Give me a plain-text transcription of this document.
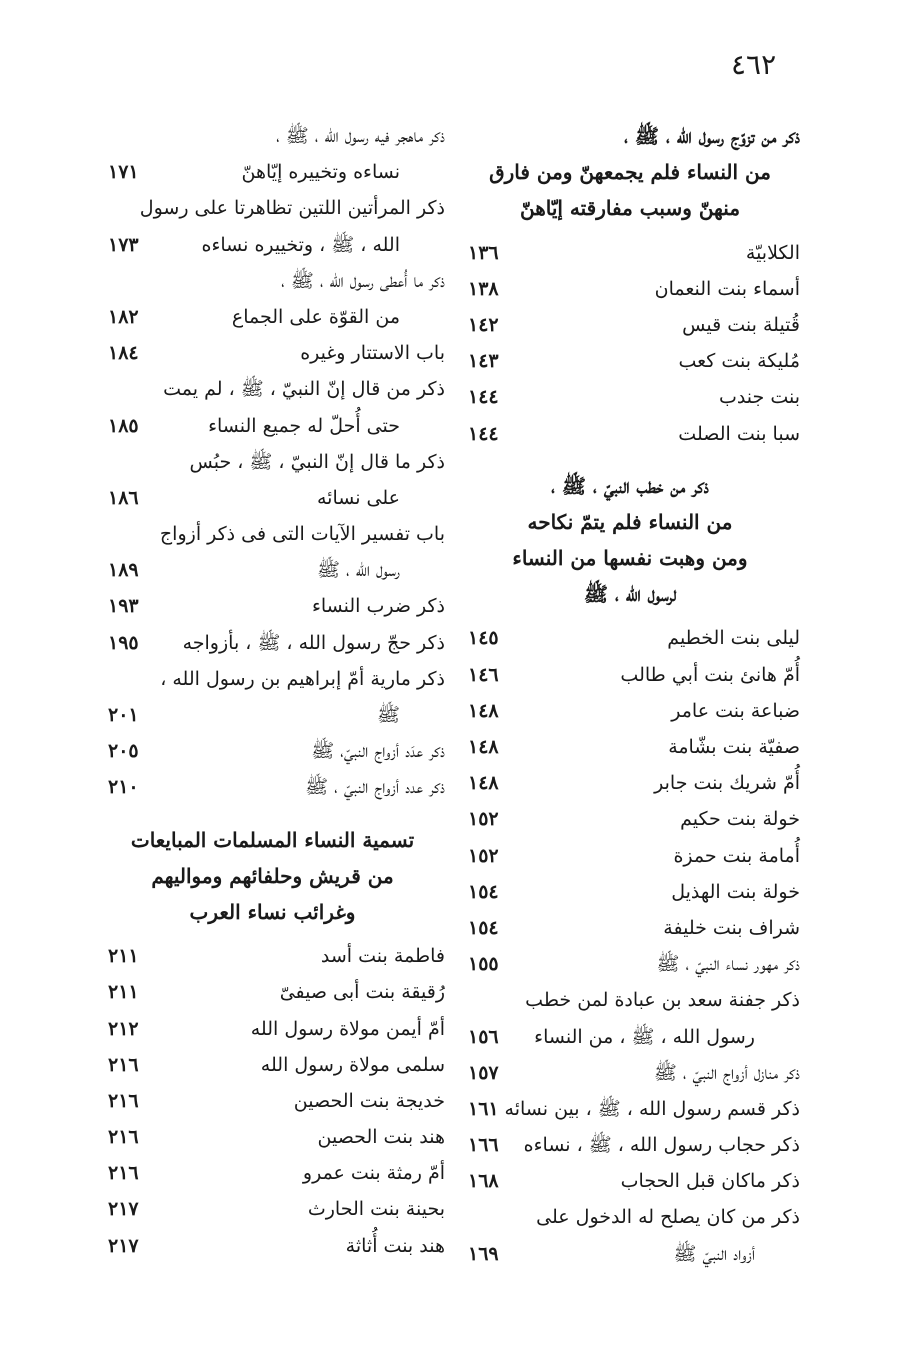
٤٦٢
ذكر من تزوّج رسول الله ، ﷺ ،
من النساء فلم يجمعهنّ ومن فارق
منهنّ وسبب مفارقته إيّاهنّ
الكلابيّة
١٣٦
أسماء بنت النعمان
١٣٨
قُتيلة بنت قيس
١٤٢
مُليكة بنت كعب
١٤٣
بنت جندب
١٤٤
سبا بنت الصلت
١٤٤
ذكر من خطب النبيّ ، ﷺ ،
من النساء فلم يتمّ نكاحه
ومن وهبت نفسها من النساء
لرسول الله ، ﷺ
ليلى بنت الخطيم
١٤٥
أُمّ هانئ بنت أبي طالب
١٤٦
ضباعة بنت عامر
١٤٨
صفيّة بنت بشّامة
١٤٨
أُمّ شريك بنت جابر
١٤٨
خولة بنت حكيم
١٥٢
أُمامة بنت حمزة
١٥٢
خولة بنت الهذيل
١٥٤
شراف بنت خليفة
١٥٤
ذكر مهور نساء النبيّ ، ﷺ
١٥٥
ذكر جفنة سعد بن عبادة لمن خطب
رسول الله ، ﷺ ، من النساء
١٥٦
ذكر منازل أزواج النبيّ ، ﷺ
١٥٧
ذكر قسم رسول الله ، ﷺ ، بين نسائه
١٦١
ذكر حجاب رسول الله ، ﷺ ، نساءه
١٦٦
ذكر ماكان قبل الحجاب
١٦٨
ذكر من كان يصلح له الدخول على
أزواد النبيّ ﷺ
١٦٩
ذكر ماهجر فيه رسول الله ، ﷺ ،
نساءه وتخييره إيّاهنّ
١٧١
ذكر المرأتين اللتين تظاهرتا على رسول
الله ، ﷺ ، وتخييره نساءه
١٧٣
ذكر ما أُعطى رسول الله ، ﷺ ،
من القوّة على الجماع
١٨٢
باب الاستتار وغيره
١٨٤
ذكر من قال إنّ النبيّ ، ﷺ ، لم يمت
حتى أُحلّ له جميع النساء
١٨٥
ذكر ما قال إنّ النبيّ ، ﷺ ، حبُس
على نسائه
١٨٦
باب تفسير الآيات التى فى ذكر أزواج
رسول الله ، ﷺ
١٨٩
ذكر ضرب النساء
١٩٣
ذكر حجّ رسول الله ، ﷺ ، بأزواجه
١٩٥
ذكر مارية أمّ إبراهيم بن رسول الله ،
ﷺ
٢٠١
ذكر عدَد أزواج النبيّ، ﷺ
٢٠٥
ذكر عدد أزواج النبيّ ، ﷺ
٢١٠
تسمية النساء المسلمات المبايعات
من قريش وحلفائهم ومواليهم
وغرائب نساء العرب
فاطمة بنت أسد
٢١١
رُقيقة بنت أبى صيفىّ
٢١١
أمّ أيمن مولاة رسول الله
٢١٢
سلمى مولاة رسول الله
٢١٦
خديجة بنت الحصين
٢١٦
هند بنت الحصين
٢١٦
أمّ رمثة بنت عمرو
٢١٦
بحينة بنت الحارث
٢١٧
هند بنت أُثاثة
٢١٧
